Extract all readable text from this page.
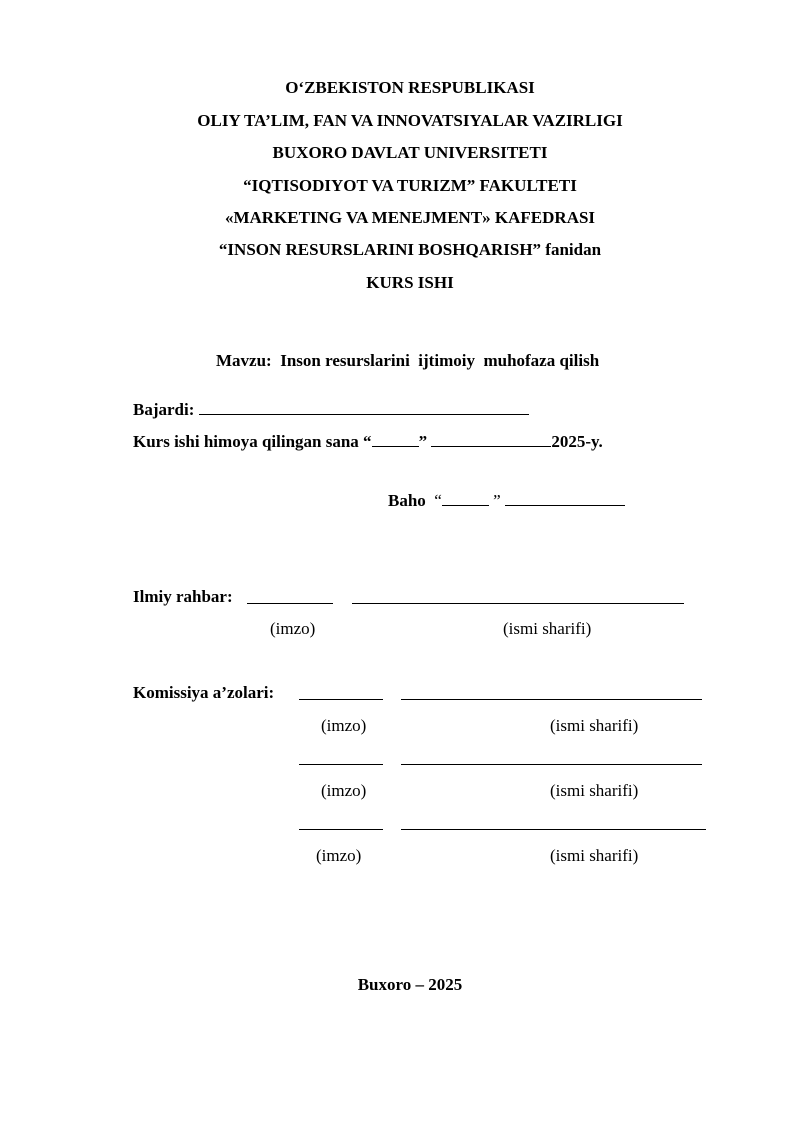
O‘ZBEKISTON RESPUBLIKASI
OLIY TA’LIM, FAN VA INNOVATSIYALAR VAZIRLIGI
BUXORO DAVLAT UNIVERSITETI
“IQTISODIYOT VA TURIZM” FAKULTETI
«MARKETING VA MENEJMENT» KAFEDRASI
“INSON RESURSLARINI BOSHQARISH” fanidan
KURS ISHI
Mavzu: Inson resurslarini  ijtimoiy  muhofaza qilish
Bajardi:
Kurs ishi himoya qilingan sana “	”	2025-y.
Baho “	”
Ilmiy rahbar:
(imzo)	(ismi sharifi)
Komissiya a’zolari:
(imzo)	(ismi sharifi)
(imzo)	(ismi sharifi)
(imzo)	(ismi sharifi)
Buxoro – 2025
